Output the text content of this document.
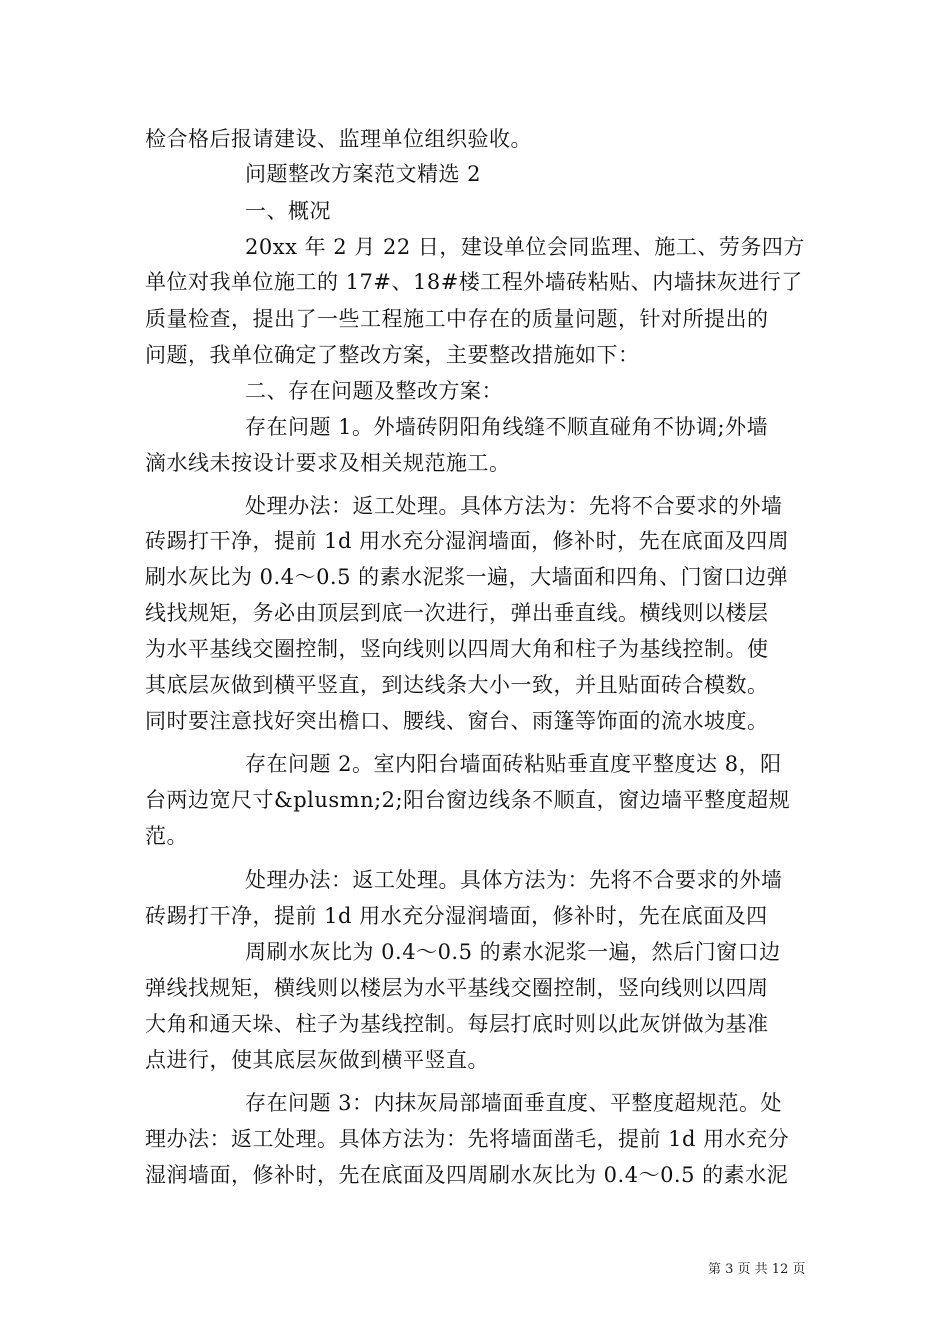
检合格后报请建设、监理单位组织验收。
问题整改方案范文精选 2
一、概况
20xx 年 2 月 22 日，建设单位会同监理、施工、劳务四方
单位对我单位施工的 17#、18#楼工程外墙砖粘贴、内墙抹灰进行了
质量检查，提出了一些工程施工中存在的质量问题，针对所提出的
问题，我单位确定了整改方案，主要整改措施如下：
二、存在问题及整改方案：
存在问题 1。外墙砖阴阳角线缝不顺直碰角不协调;外墙
滴水线未按设计要求及相关规范施工。
处理办法：返工处理。具体方法为：先将不合要求的外墙
砖踢打干净，提前 1d 用水充分湿润墙面，修补时，先在底面及四周
刷水灰比为 0.4～0.5 的素水泥浆一遍，大墙面和四角、门窗口边弹
线找规矩，务必由顶层到底一次进行，弹出垂直线。横线则以楼层
为水平基线交圈控制，竖向线则以四周大角和柱子为基线控制。使
其底层灰做到横平竖直，到达线条大小一致，并且贴面砖合模数。
同时要注意找好突出檐口、腰线、窗台、雨篷等饰面的流水坡度。
存在问题 2。室内阳台墙面砖粘贴垂直度平整度达 8，阳
台两边宽尺寸&plusmn;2;阳台窗边线条不顺直，窗边墙平整度超规
范。
处理办法：返工处理。具体方法为：先将不合要求的外墙
砖踢打干净，提前 1d 用水充分湿润墙面，修补时，先在底面及四
周刷水灰比为 0.4～0.5 的素水泥浆一遍，然后门窗口边
弹线找规矩，横线则以楼层为水平基线交圈控制，竖向线则以四周
大角和通天垛、柱子为基线控制。每层打底时则以此灰饼做为基准
点进行，使其底层灰做到横平竖直。
存在问题 3：内抹灰局部墙面垂直度、平整度超规范。处
理办法：返工处理。具体方法为：先将墙面凿毛，提前 1d 用水充分
湿润墙面，修补时，先在底面及四周刷水灰比为 0.4～0.5 的素水泥
第 3 页 共 12 页
